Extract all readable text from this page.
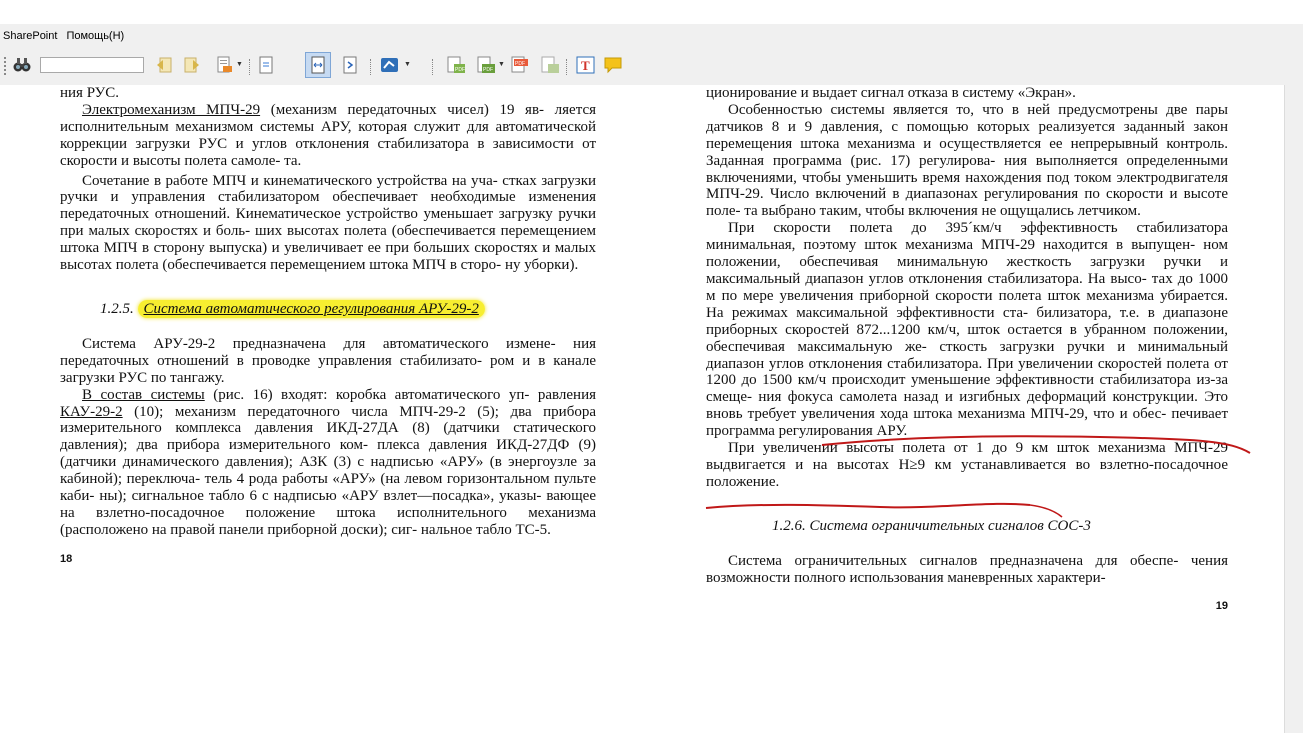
SharePoint Помощь(H)
▼	▼
PDF	PDF
▼ PDF	T

ния РУС.

Электромеханизм МПЧ-29 (механизм передаточных чисел) 19 яв- ляется исполнительным механизмом системы АРУ, которая служит для автоматической коррекции загрузки РУС и углов отклонения стабилизатора в зависимости от скорости и высоты полета самоле- та.

Сочетание в работе МПЧ и кинематического устройства на уча- стках загрузки ручки и управления стабилизатором обеспечивает необходимые изменения передаточных отношений. Кинематическое устройство уменьшает загрузку ручки при малых скоростях и боль- ших высотах полета (обеспечивается перемещением штока МПЧ в сторону выпуска) и увеличивает ее при больших скоростях и малых высотах полета (обеспечивается перемещением штока МПЧ в сторо- ну уборки).

1.2.5. Система автоматического регулирования АРУ-29-2

Система АРУ-29-2 предназначена для автоматического измене- ния передаточных отношений в проводке управления стабилизато- ром и в канале загрузки РУС по тангажу.

В состав системы (рис. 16) входят: коробка автоматического уп- равления КАУ-29-2 (10); механизм передаточного числа МПЧ-29-2 (5); два прибора измерительного комплекса давления ИКД-27ДА (8) (датчики статического давления); два прибора измерительного ком- плекса давления ИКД-27ДФ (9) (датчики динамического давления); АЗК (3) с надписью «АРУ» (в энергоузле за кабиной); переключа- тель 4 рода работы «АРУ» (на левом горизонтальном пульте каби- ны); сигнальное табло 6 с надписью «АРУ взлет—посадка», указы- вающее на взлетно-посадочное положение штока исполнительного механизма (расположено на правой панели приборной доски); сиг- нальное табло ТС-5.

18

ционирование и выдает сигнал отказа в систему «Экран».

Особенностью системы является то, что в ней предусмотрены две пары датчиков 8 и 9 давления, с помощью которых реализуется заданный закон перемещения штока механизма и осуществляется ее непрерывный контроль. Заданная программа (рис. 17) регулирова- ния выполняется определенными включениями, чтобы уменьшить время нахождения под током электродвигателя МПЧ-29. Число включений в диапазонах регулирования по скорости и высоте поле- та выбрано таким, чтобы включения не ощущались летчиком.

При скорости полета до 395´км/ч эффективность стабилизатора минимальная, поэтому шток механизма МПЧ-29 находится в выпущен- ном положении, обеспечивая минимальную жесткость загрузки ручки и максимальный диапазон углов отклонения стабилизатора. На высо- тах до 1000 м по мере увеличения приборной скорости полета шток механизма убирается. На режимах максимальной эффективности ста- билизатора, т.е. в диапазоне приборных скоростей 872...1200 км/ч, шток остается в убранном положении, обеспечивая максимальную же- сткость загрузки ручки и минимальный диапазон углов отклонения стабилизатора. При увеличении скоростей полета от 1200 до 1500 км/ч происходит уменьшение эффективности стабилизатора из-за смеще- ния фокуса самолета назад и изгибных деформаций конструкции. Это вновь требует увеличения хода штока механизма МПЧ-29, что и обес- печивает программа регулирования АРУ.

При увеличении высоты полета от 1 до 9 км шток механизма МПЧ-29 выдвигается и на высотах Н≥9 км устанавливается во взлетно-посадочное положение.

1.2.6. Система ограничительных сигналов СОС-3

Система ограничительных сигналов предназначена для обеспе- чения возможности полного использования маневренных характери-

19
